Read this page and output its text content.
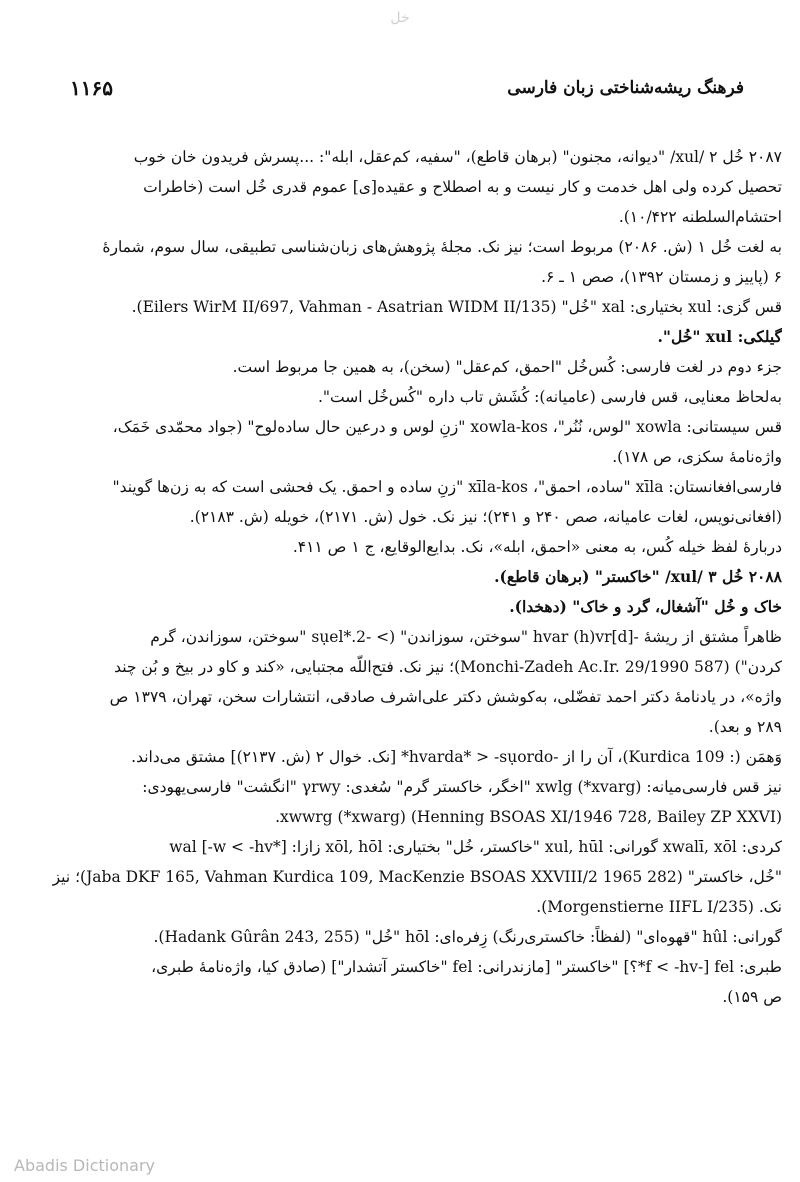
خل
۱۱۶۵	فرهنگ ریشه‌شناختی زبان فارسی
۲۰۸۷ خُل ۲ /xul/ "دیوانه، مجنون" (برهان قاطع)، "سفیه، کم‌عقل، ابله": ...پسرش فریدون خان خوب
تحصیل کرده ولی اهل خدمت و کار نیست و به اصطلاح و عقیده[ی] عموم قدری خُل است (خاطرات
احتشام‌السلطنه ۱۰/۴۲۲).
به لغت خُل ۱ (ش. ۲۰۸۶) مربوط است؛ نیز نک. مجلهٔ پژوهش‌های زبان‌شناسی تطبیقی، سال سوم، شمارهٔ
۶ (پاییز و زمستان ۱۳۹۲)، صص ۱ ـ ۶.
قس گزی: xul بختیاری: xal "خُل" (Eilers WirM II/697, Vahman - Asatrian WIDM II/135).
گیلکی: xul "خُل".
جزء دوم در لغت فارسی: کُس‌خُل "احمق، کم‌عقل" (سخن)، به همین جا مربوط است.
به‌لحاظ معنایی، قس فارسی (عامیانه): کُشَش تاب داره "کُس‌خُل است".
قس سیستانی: xowla "لوس، نُنُر"، xowla-kos "زنِ لوس و درعین حال ساده‌لوح" (جواد محمّدی خَمَک،
واژه‌نامهٔ سکزی، ص ۱۷۸).
فارسی‌افغانستان: xīla "ساده، احمق"، xīla-kos "زنِ ساده و احمق. یک فحشی است که به زن‌ها گویند"
(افغانی‌نویس، لغات عامیانه، صص ۲۴۰ و ۲۴۱)؛ نیز نک. خول (ش. ۲۱۷۱)، خویله (ش. ۲۱۸۳).
دربارهٔ لفظ خیله کُس، به معنی «احمق، ابله»، نک. بدایع‌الوقایع، ج ۱ ص ۴۱۱.
۲۰۸۸ خُل ۳ /xul/ "خاکستر" (برهان قاطع).
خاک و خُل "آشغال، گرد و خاک" (دهخدا).
ظاهراً مشتق از ریشهٔ -hvar (h)vr[d] "سوختن، سوزاندن" (> -2.*sụel "سوختن، سوزاندن، گرم
کردن") (Monchi-Zadeh Ac.Ir. 29/1990 587)؛ نیز نک. فتح‌اللّه مجتبایی، «کند و کاو در بیخ و بُن چند
واژه»، در یادنامهٔ دکتر احمد تفضّلی، به‌کوشش دکتر علی‌اشرف صادقی، انتشارات سخن، تهران، ۱۳۷۹ ص
۲۸۹ و بعد).
وَهمَن (: Kurdica 109)، آن را از -hvarda* > -sụordo* [نک. خوال ۲ (ش. ۲۱۳۷)] مشتق می‌داند.
نیز قس فارسی‌میانه: xwlg (*xvarg) "اخگر، خاکستر گرم" سُغدی: γrwy "انگشت" فارسی‌یهودی:
xwwrg (*xwarg) (Henning BSOAS XI/1946 728, Bailey ZP XXVI).
کردی: xwalī, xōl گورانی: xul, hūl "خاکستر، خُل" بختیاری: xōl, hōl زازا: wal [-w < -hv*]
"خُل، خاکستر" (Jaba DKF 165, Vahman Kurdica 109, MacKenzie BSOAS XXVIII/2 1965 282)؛ نیز
نک. (Morgenstierne IIFL I/235).
گورانی: hûl "قهوه‌ای" (لفظاً: خاکستری‌رنگ) زِفره‌ای: hōl "خُل" (Hadank Gûrân 243, 255).
طبری: fel [-f < -hv*؟] "خاکستر" [مازندرانی: fel "خاکستر آتشدار"] (صادق کیا، واژه‌نامهٔ طبری،
ص ۱۵۹).
Abadis Dictionary
